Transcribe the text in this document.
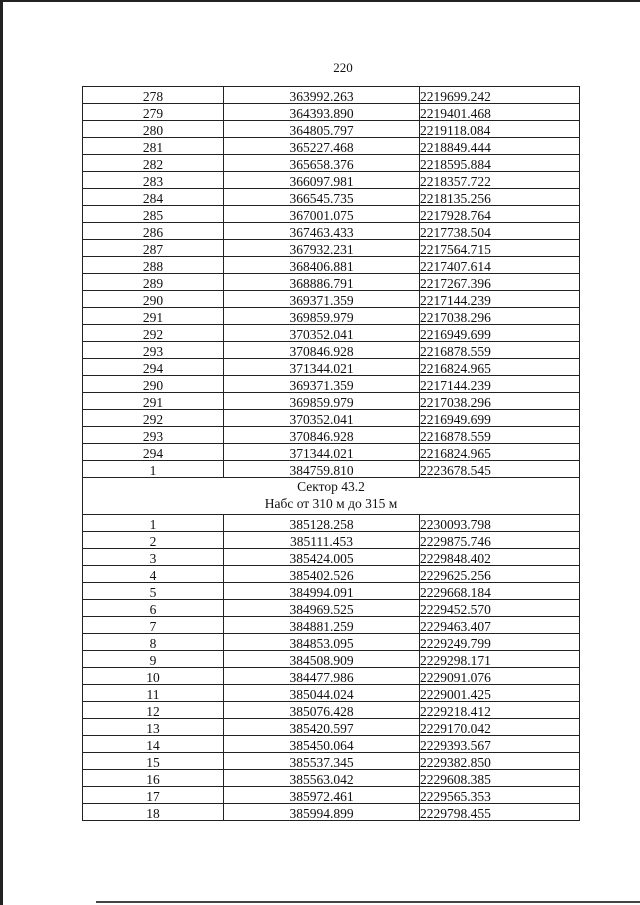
220
278	363992.263	2219699.242
279	364393.890	2219401.468
280	364805.797	2219118.084
281	365227.468	2218849.444
282	365658.376	2218595.884
283	366097.981	2218357.722
284	366545.735	2218135.256
285	367001.075	2217928.764
286	367463.433	2217738.504
287	367932.231	2217564.715
288	368406.881	2217407.614
289	368886.791	2217267.396
290	369371.359	2217144.239
291	369859.979	2217038.296
292	370352.041	2216949.699
293	370846.928	2216878.559
294	371344.021	2216824.965
290	369371.359	2217144.239
291	369859.979	2217038.296
292	370352.041	2216949.699
293	370846.928	2216878.559
294	371344.021	2216824.965
1	384759.810	2223678.545

Сектор 43.2
Набс от 310 м до 315 м		

1	385128.258	2230093.798
2	385111.453	2229875.746
3	385424.005	2229848.402
4	385402.526	2229625.256
5	384994.091	2229668.184
6	384969.525	2229452.570
7	384881.259	2229463.407
8	384853.095	2229249.799
9	384508.909	2229298.171
10	384477.986	2229091.076
11	385044.024	2229001.425
12	385076.428	2229218.412
13	385420.597	2229170.042
14	385450.064	2229393.567
15	385537.345	2229382.850
16	385563.042	2229608.385
17	385972.461	2229565.353
18	385994.899	2229798.455
